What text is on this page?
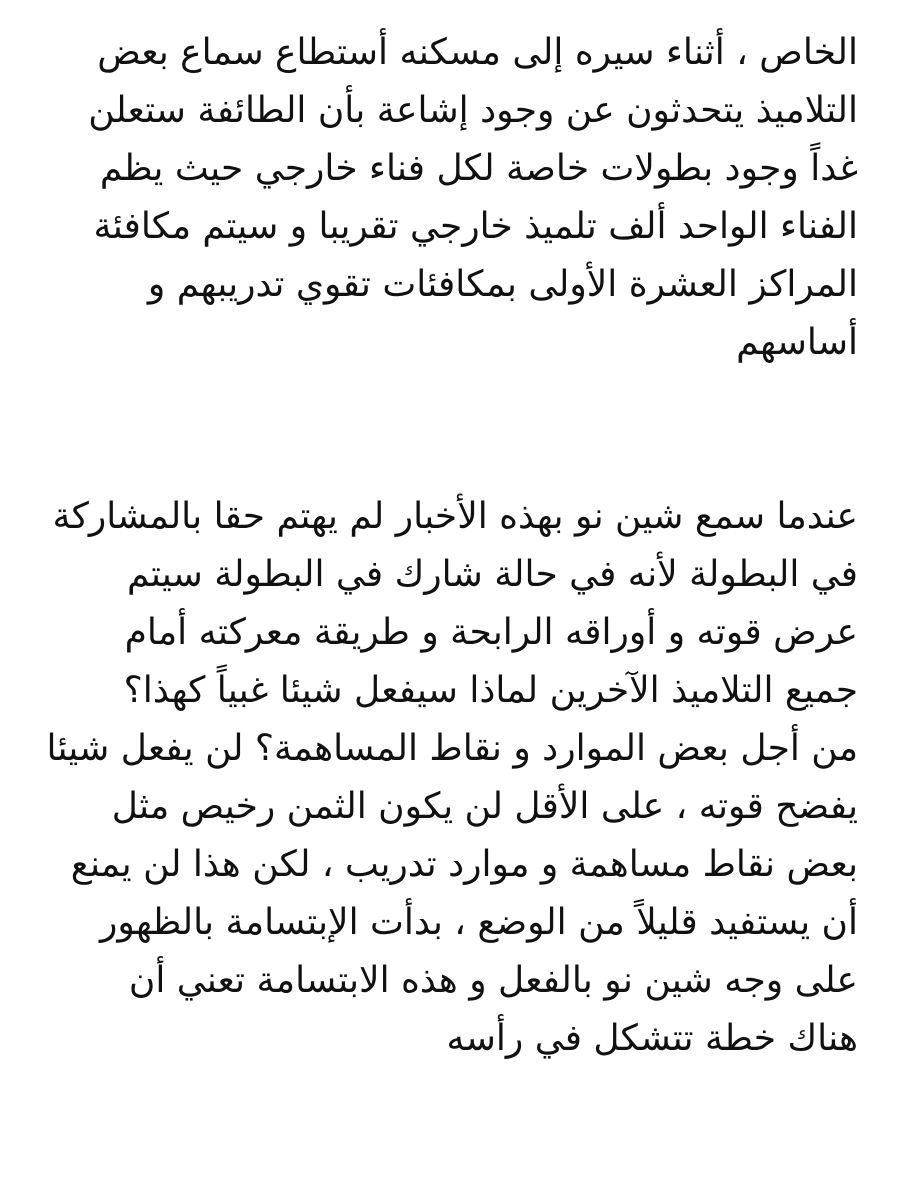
الخاص ، أثناء سيره إلى مسكنه أستطاع سماع بعض
التلاميذ يتحدثون عن وجود إشاعة بأن الطائفة ستعلن
غداً وجود بطولات خاصة لكل فناء خارجي حيث يظم
الفناء الواحد ألف تلميذ خارجي تقريبا و سيتم مكافئة
المراكز العشرة الأولى بمكافئات تقوي تدريبهم و
أساسهم
عندما سمع شين نو بهذه الأخبار لم يهتم حقا بالمشاركة
في البطولة لأنه في حالة شارك في البطولة سيتم
عرض قوته و أوراقه الرابحة و طريقة معركته أمام
جميع التلاميذ الآخرين لماذا سيفعل شيئا غبياً كهذا؟
من أجل بعض الموارد و نقاط المساهمة؟ لن يفعل شيئا
يفضح قوته ، على الأقل لن يكون الثمن رخيص مثل
بعض نقاط مساهمة و موارد تدريب ، لكن هذا لن يمنع
أن يستفيد قليلاً من الوضع ، بدأت الإبتسامة بالظهور
على وجه شين نو بالفعل و هذه الابتسامة تعني أن
هناك خطة تتشكل في رأسه
